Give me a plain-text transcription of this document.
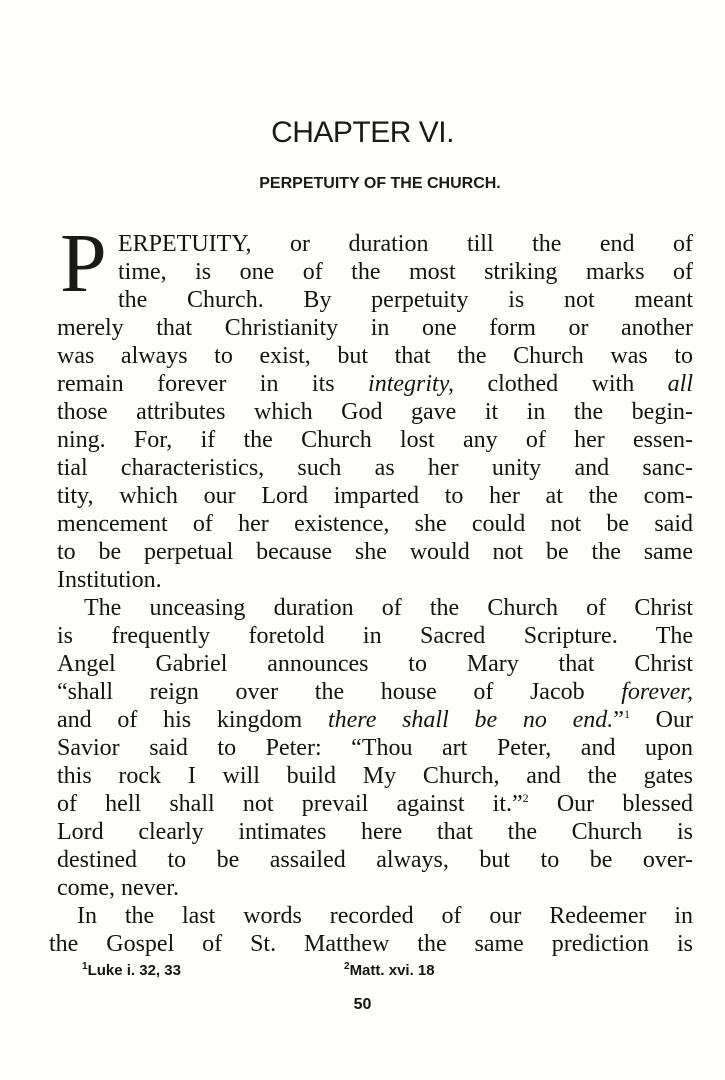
CHAPTER VI.
PERPETUITY OF THE CHURCH.
P ERPETUITY, or duration till the end of
time, is one of the most striking marks of
the Church. By perpetuity is not meant
merely that Christianity in one form or another
was always to exist, but that the Church was to
remain forever in its integrity, clothed with all
those attributes which God gave it in the begin-
ning. For, if the Church lost any of her essen-
tial characteristics, such as her unity and sanc-
tity, which our Lord imparted to her at the com-
mencement of her existence, she could not be said
to be perpetual because she would not be the same
Institution.
The unceasing duration of the Church of Christ
is frequently foretold in Sacred Scripture. The
Angel Gabriel announces to Mary that Christ
“shall reign over the house of Jacob forever,
and of his kingdom there shall be no end.”$^1$ Our
Savior said to Peter: “Thou art Peter, and upon
this rock I will build My Church, and the gates
of hell shall not prevail against it.”$^2$ Our blessed
Lord clearly intimates here that the Church is
destined to be assailed always, but to be over-
come, never.
In the last words recorded of our Redeemer in
the Gospel of St. Matthew the same prediction is
$^1$Luke i. 32, 33	$^2$Matt. xvi. 18
50
